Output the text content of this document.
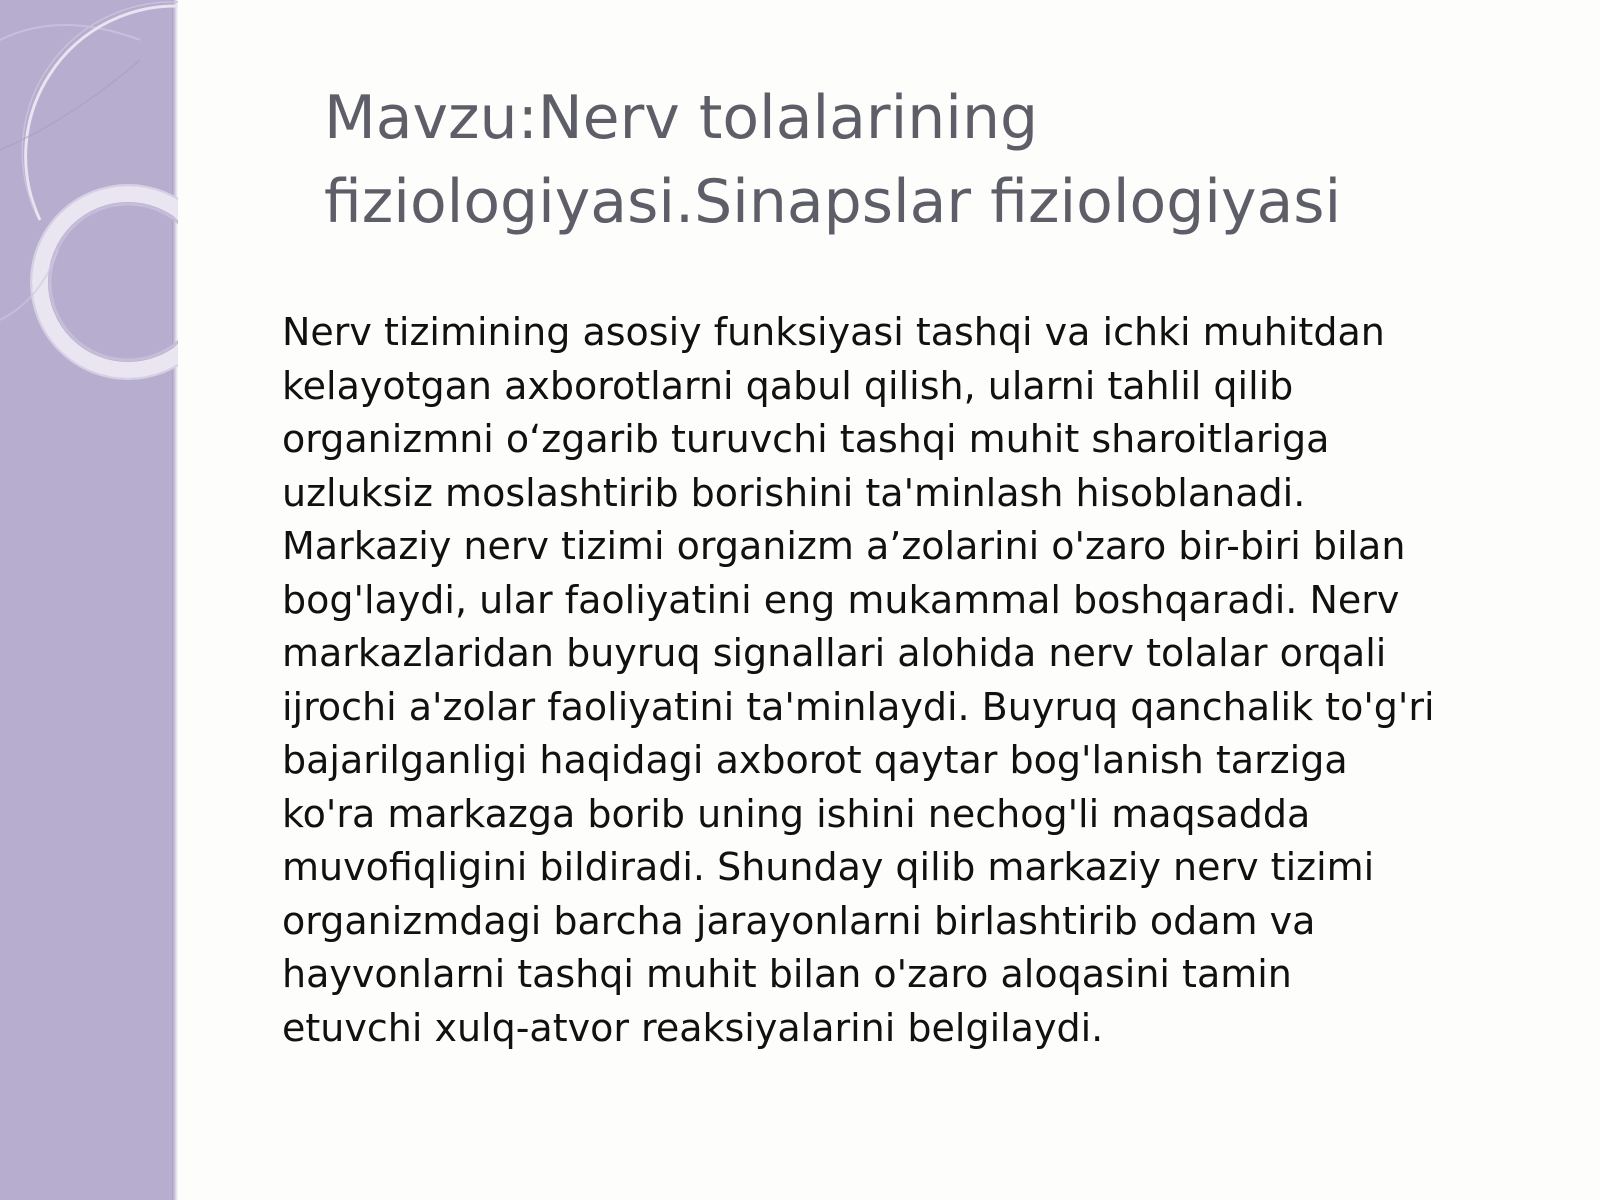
Mavzu:Nerv tolalarining
fiziologiyasi.Sinapslar fiziologiyasi
Nerv tizimining asosiy funksiyasi tashqi va ichki muhitdan
kelayotgan axborotlarni qabul qilish, ularni tahlil qilib
organizmni o‘zgarib turuvchi tashqi muhit sharoitlariga
uzluksiz moslashtirib borishini ta'minlash hisoblanadi.
Markaziy nerv tizimi organizm a’zolarini o'zaro bir-biri bilan
bog'laydi, ular faoliyatini eng mukammal boshqaradi. Nerv
markazlaridan buyruq signallari alohida nerv tolalar orqali
ijrochi a'zolar faoliyatini ta'minlaydi. Buyruq qanchalik to'g'ri
bajarilganligi haqidagi axborot qaytar bog'lanish tarziga
ko'ra markazga borib uning ishini nechog'li maqsadda
muvofiqligini bildiradi. Shunday qilib markaziy nerv tizimi
organizmdagi barcha jarayonlarni birlashtirib odam va
hayvonlarni tashqi muhit bilan o'zaro aloqasini tamin
etuvchi xulq-atvor reaksiyalarini belgilaydi.
